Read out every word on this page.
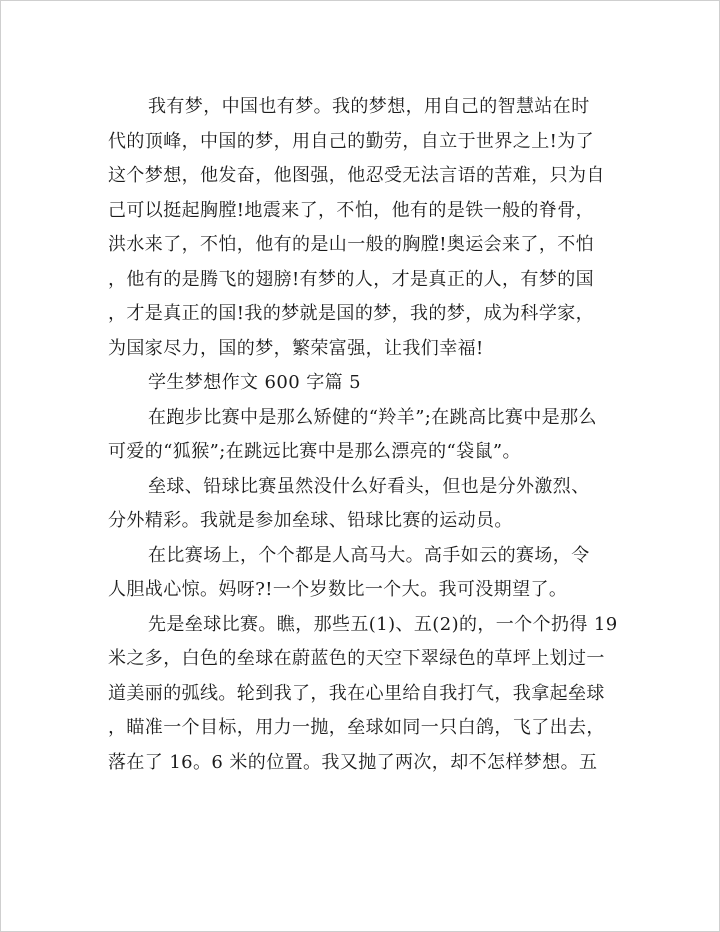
我有梦，中国也有梦。我的梦想，用自己的智慧站在时
代的顶峰，中国的梦，用自己的勤劳，自立于世界之上!为了
这个梦想，他发奋，他图强，他忍受无法言语的苦难，只为自
己可以挺起胸膛!地震来了，不怕，他有的是铁一般的脊骨，
洪水来了，不怕，他有的是山一般的胸膛!奥运会来了，不怕
，他有的是腾飞的翅膀!有梦的人，才是真正的人，有梦的国
，才是真正的国!我的梦就是国的梦，我的梦，成为科学家，
为国家尽力，国的梦，繁荣富强，让我们幸福!
学生梦想作文 600 字篇 5
在跑步比赛中是那么矫健的“羚羊”;在跳高比赛中是那么
可爱的“狐猴”;在跳远比赛中是那么漂亮的“袋鼠”。
垒球、铅球比赛虽然没什么好看头，但也是分外激烈、
分外精彩。我就是参加垒球、铅球比赛的运动员。
在比赛场上，个个都是人高马大。高手如云的赛场，令
人胆战心惊。妈呀?!一个岁数比一个大。我可没期望了。
先是垒球比赛。瞧，那些五(1)、五(2)的，一个个扔得 19
米之多，白色的垒球在蔚蓝色的天空下翠绿色的草坪上划过一
道美丽的弧线。轮到我了，我在心里给自我打气，我拿起垒球
，瞄准一个目标，用力一抛，垒球如同一只白鸽，飞了出去，
落在了 16。6 米的位置。我又抛了两次，却不怎样梦想。五
